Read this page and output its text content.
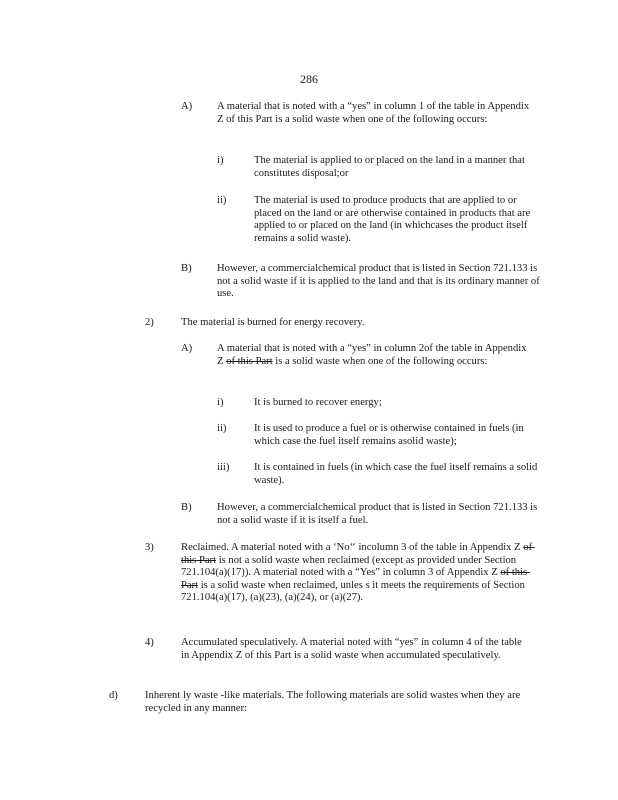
286
A) A material that is noted with a “yes” in column 1 of the table in Appendix Z of this Part is a solid waste when one of the following occurs:
i)	The material is applied to or placed on the land in a manner that constitutes disposal;or
ii)	The material is used to produce products that are applied to or placed on the land or are otherwise contained in products that are applied to or placed on the land (in whichcases the product itself remains a solid waste).
B) However, a commercialchemical product that is listed in Section 721.133 is not a solid waste if it is applied to the land and that is its ordinary manner of use.
2)	The material is burned for energy recovery.
A) A material that is noted with a “yes” in column 2of the table in Appendix Z of this Part is a solid waste when one of the following occurs:
i)	It is burned to recover energy;
ii)	It is used to produce a fuel or is otherwise contained in fuels (in which case the fuel itself remains asolid waste);
iii) It is contained in fuels (in which case the fuel itself remains a solid waste).
B) However, a commercialchemical product that is listed in Section 721.133 is not a solid waste if it is itself a fuel.
3)	Reclaimed. A material noted with a ‘No‘‘ incolumn 3 of the table in Appendix Z of this Part is not a solid waste when reclaimed (except as provided under Section 721.104(a)(17)). A material noted with a “Yes” in column 3 of Appendix Z of this Part is a solid waste when reclaimed, unles s it meets the requirements of Section 721.104(a)(17), (a)(23), (a)(24), or (a)(27).
4)	Accumulated speculatively. A material noted with “yes” in column 4 of the table in Appendix Z of this Part is a solid waste when accumulated speculatively.
d)	Inherent ly waste -like materials. The following materials are solid wastes when they are recycled in any manner:
